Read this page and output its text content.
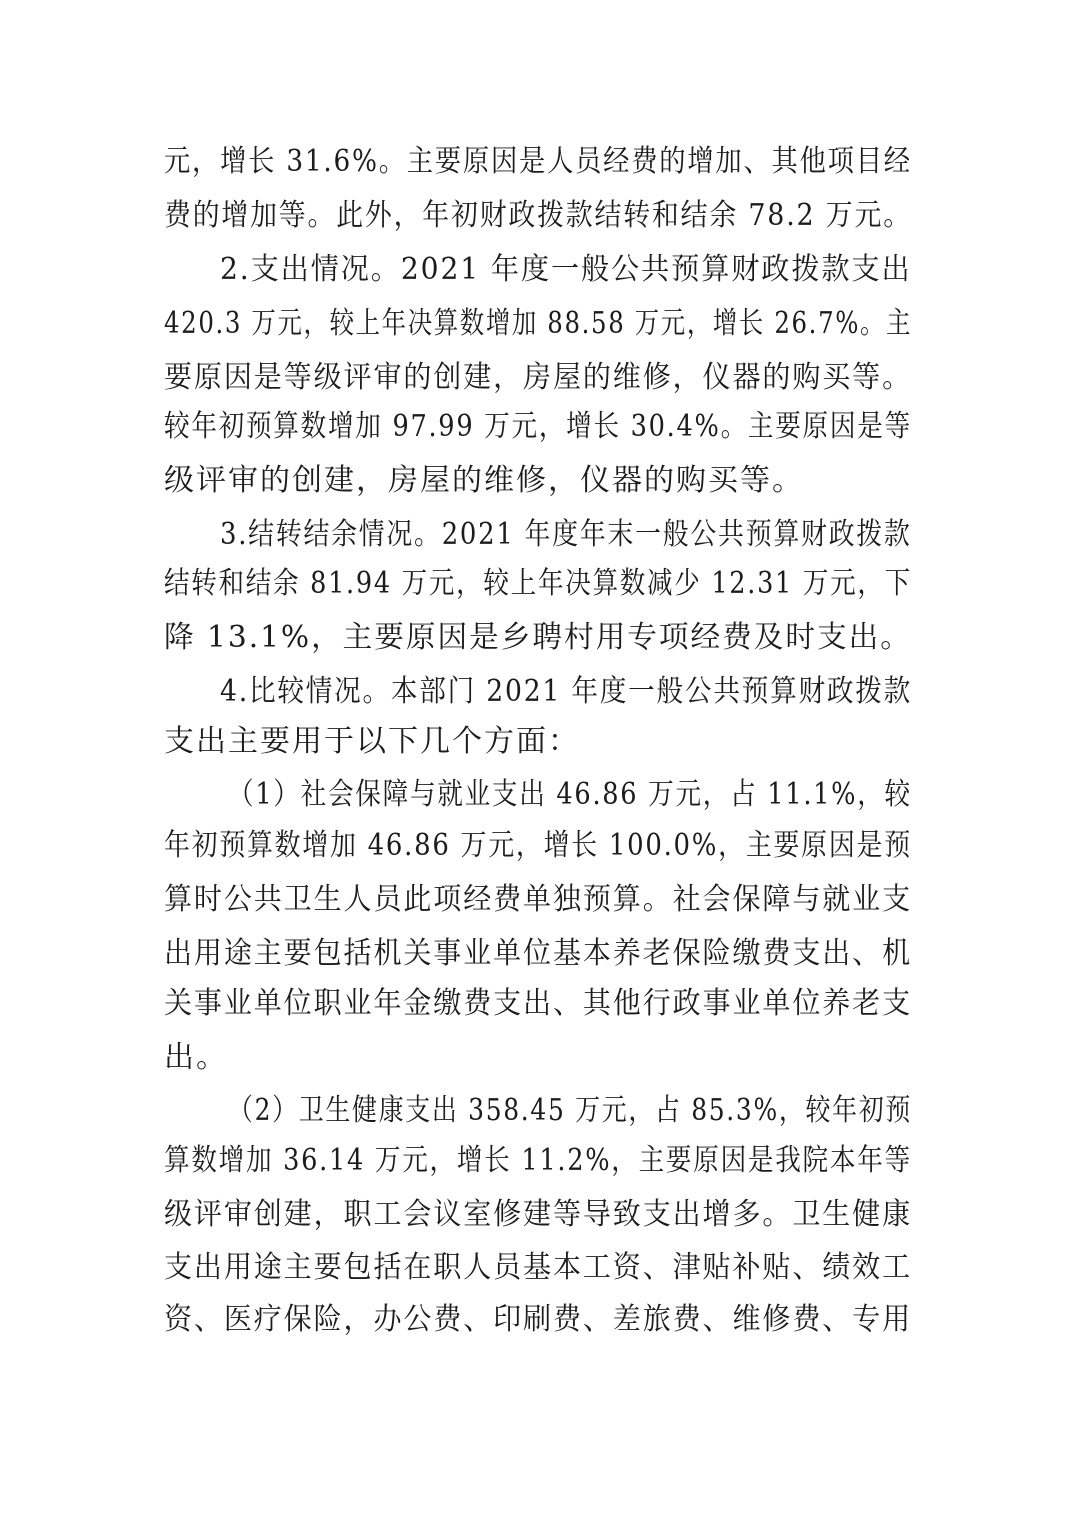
元，增长 31.6%。主要原因是人员经费的增加、其他项目经
费的增加等。此外，年初财政拨款结转和结余 78.2 万元。
2.支出情况。2021 年度一般公共预算财政拨款支出
420.3 万元，较上年决算数增加 88.58 万元，增长 26.7%。主
要原因是等级评审的创建，房屋的维修，仪器的购买等。
较年初预算数增加 97.99 万元，增长 30.4%。主要原因是等
级评审的创建，房屋的维修，仪器的购买等。
3.结转结余情况。2021 年度年末一般公共预算财政拨款
结转和结余 81.94 万元，较上年决算数减少 12.31 万元，下
降 13.1%，主要原因是乡聘村用专项经费及时支出。
4.比较情况。本部门 2021 年度一般公共预算财政拨款
支出主要用于以下几个方面：
（1）社会保障与就业支出 46.86 万元，占 11.1%，较
年初预算数增加 46.86 万元，增长 100.0%，主要原因是预
算时公共卫生人员此项经费单独预算。社会保障与就业支
出用途主要包括机关事业单位基本养老保险缴费支出、机
关事业单位职业年金缴费支出、其他行政事业单位养老支
出。
（2）卫生健康支出 358.45 万元，占 85.3%，较年初预
算数增加 36.14 万元，增长 11.2%，主要原因是我院本年等
级评审创建，职工会议室修建等导致支出增多。卫生健康
支出用途主要包括在职人员基本工资、津贴补贴、绩效工
资、医疗保险，办公费、印刷费、差旅费、维修费、专用
